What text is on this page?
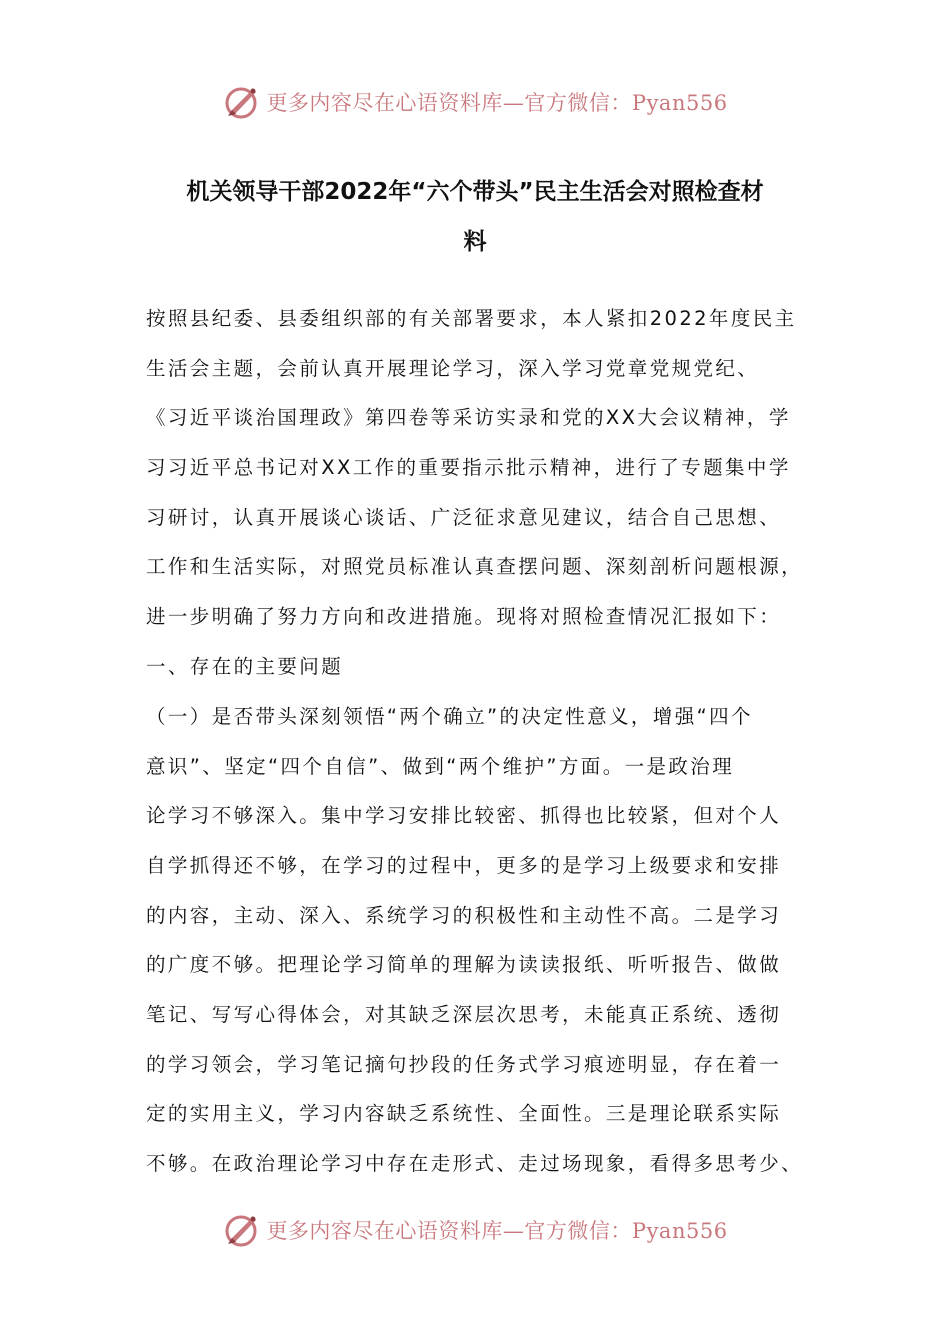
更多内容尽在心语资料库—官方微信：Pyan556
机关领导干部2022年“六个带头”民主生活会对照检查材
料
按照县纪委、县委组织部的有关部署要求，本人紧扣2022年度民主
生活会主题，会前认真开展理论学习，深入学习党章党规党纪、
《习近平谈治国理政》第四卷等采访实录和党的XX大会议精神，学
习习近平总书记对XX工作的重要指示批示精神，进行了专题集中学
习研讨，认真开展谈心谈话、广泛征求意见建议，结合自己思想、
工作和生活实际，对照党员标准认真查摆问题、深刻剖析问题根源，
进一步明确了努力方向和改进措施。现将对照检查情况汇报如下：
一、存在的主要问题
（一）是否带头深刻领悟“两个确立”的决定性意义，增强“四个
意识”、坚定“四个自信”、做到“两个维护”方面。一是政治理
论学习不够深入。集中学习安排比较密、抓得也比较紧，但对个人
自学抓得还不够，在学习的过程中，更多的是学习上级要求和安排
的内容，主动、深入、系统学习的积极性和主动性不高。二是学习
的广度不够。把理论学习简单的理解为读读报纸、听听报告、做做
笔记、写写心得体会，对其缺乏深层次思考，未能真正系统、透彻
的学习领会，学习笔记摘句抄段的任务式学习痕迹明显，存在着一
定的实用主义，学习内容缺乏系统性、全面性。三是理论联系实际
不够。在政治理论学习中存在走形式、走过场现象，看得多思考少、
更多内容尽在心语资料库—官方微信：Pyan556
